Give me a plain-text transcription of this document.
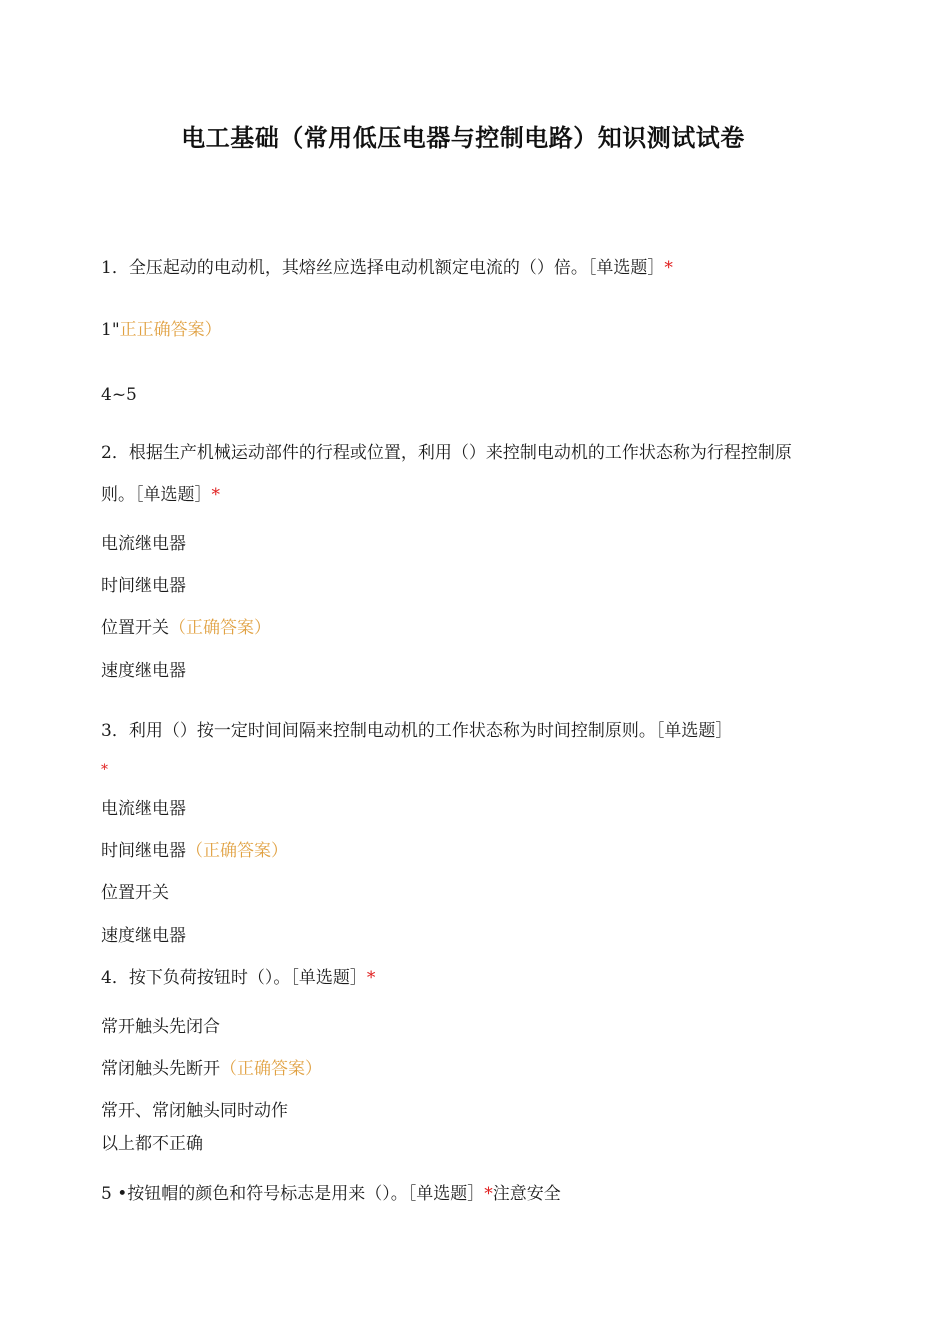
电工基础（常用低压电器与控制电路）知识测试试卷
1．全压起动的电动机，其熔丝应选择电动机额定电流的（）倍。［单选题］*
1"正正确答案）
4~5
2．根据生产机械运动部件的行程或位置，利用（）来控制电动机的工作状态称为行程控制原
则。［单选题］*
电流继电器
时间继电器
位置开关（正确答案）
速度继电器
3．利用（）按一定时间间隔来控制电动机的工作状态称为时间控制原则。［单选题］
*
电流继电器
时间继电器（正确答案）
位置开关
速度继电器
4．按下负荷按钮时（）。［单选题］*
常开触头先闭合
常闭触头先断开（正确答案）
常开、常闭触头同时动作
以上都不正确
5 •按钮帽的颜色和符号标志是用来（）。［单选题］*注意安全
